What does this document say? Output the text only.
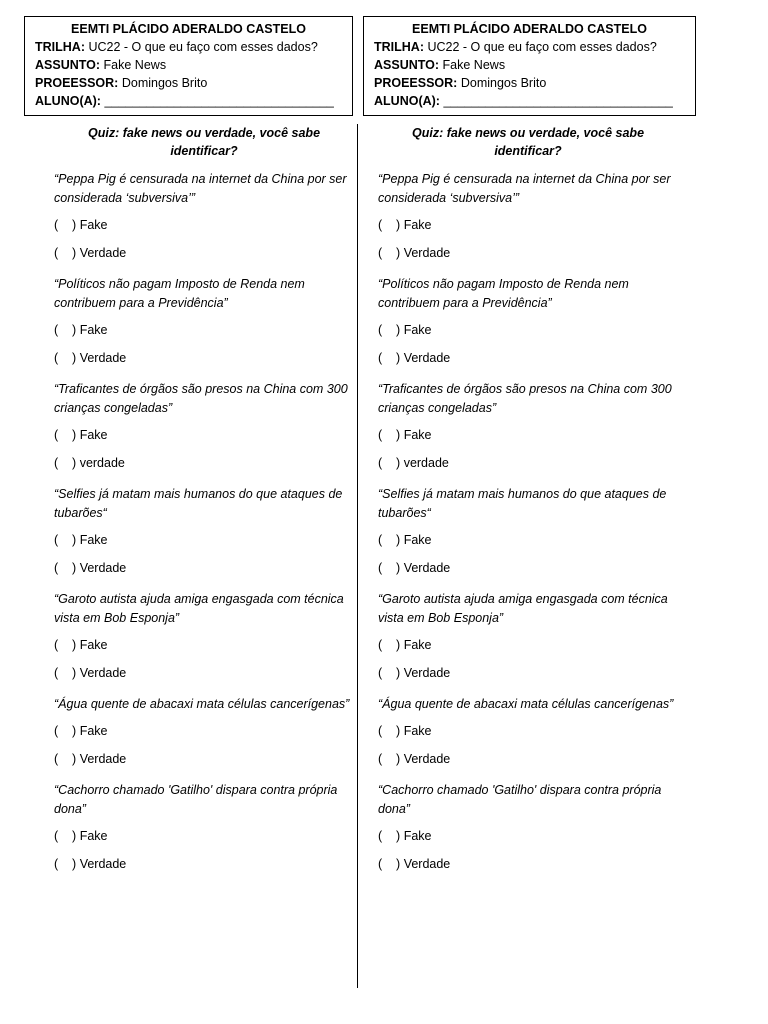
EEMTI PLÁCIDO ADERALDO CASTELO
TRILHA: UC22 - O que eu faço com esses dados?
ASSUNTO: Fake News
PROEESSOR: Domingos Brito
ALUNO(A): _________________________________
EEMTI PLÁCIDO ADERALDO CASTELO
TRILHA: UC22 - O que eu faço com esses dados?
ASSUNTO: Fake News
PROEESSOR: Domingos Brito
ALUNO(A): _________________________________
Quiz: fake news ou verdade, você sabe identificar?
“Peppa Pig é censurada na internet da China por ser considerada ‘subversiva’”
(    ) Fake
(    ) Verdade
“Políticos não pagam Imposto de Renda nem contribuem para a Previdência”
(    ) Fake
(    ) Verdade
“Traficantes de órgãos são presos na China com 300 crianças congeladas”
(    ) Fake
(    ) verdade
“Selfies já matam mais humanos do que ataques de tubarões“
(    ) Fake
(    ) Verdade
“Garoto autista ajuda amiga engasgada com técnica vista em Bob Esponja”
(    ) Fake
(    ) Verdade
“Água quente de abacaxi mata células cancerígenas”
(    ) Fake
(    ) Verdade
“Cachorro chamado 'Gatilho' dispara contra própria dona”
(    ) Fake
(    ) Verdade
Quiz: fake news ou verdade, você sabe identificar?
“Peppa Pig é censurada na internet da China por ser considerada ‘subversiva’”
(    ) Fake
(    ) Verdade
“Políticos não pagam Imposto de Renda nem contribuem para a Previdência”
(    ) Fake
(    ) Verdade
“Traficantes de órgãos são presos na China com 300 crianças congeladas”
(    ) Fake
(    ) verdade
“Selfies já matam mais humanos do que ataques de tubarões“
(    ) Fake
(    ) Verdade
“Garoto autista ajuda amiga engasgada com técnica vista em Bob Esponja”
(    ) Fake
(    ) Verdade
“Água quente de abacaxi mata células cancerígenas”
(    ) Fake
(    ) Verdade
“Cachorro chamado 'Gatilho' dispara contra própria dona”
(    ) Fake
(    ) Verdade
